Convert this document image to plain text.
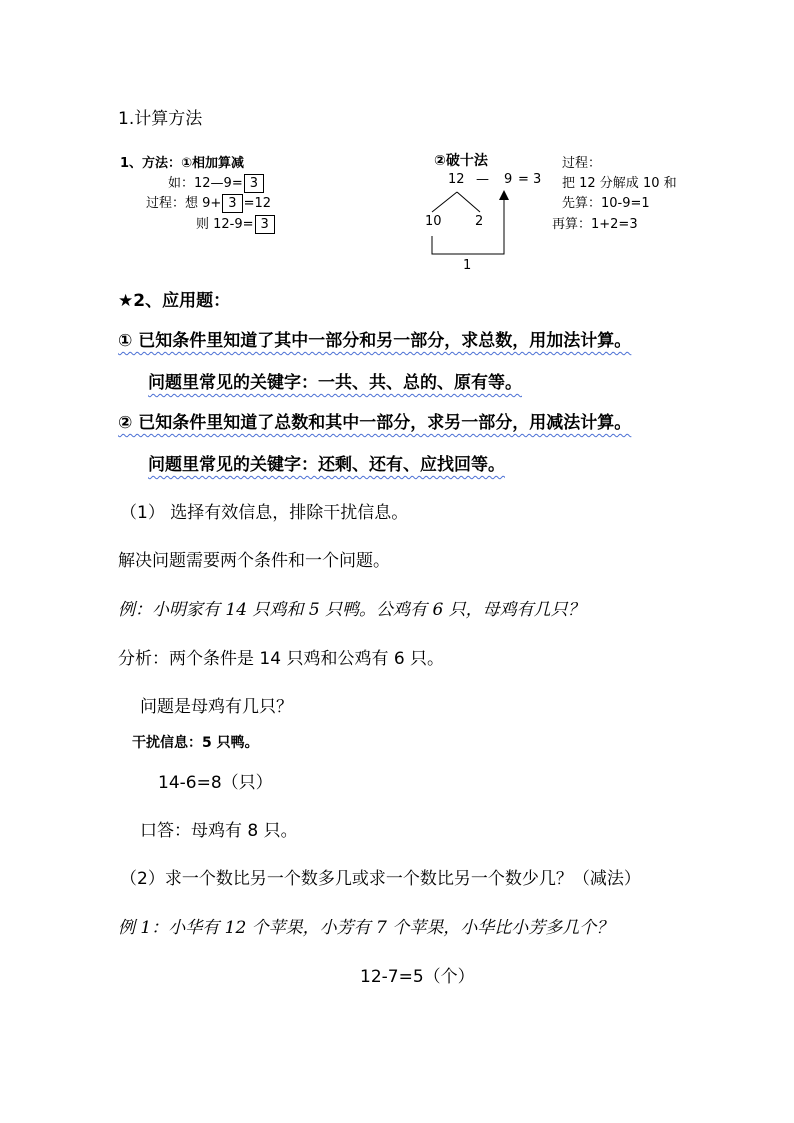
1.计算方法
1、方法：①相加算减
如：12—9= 3
过程：想 9+ 3 =12
则 12-9= 3
②破十法
12 — 9 = 3
10	2
1
过程：
把 12 分解成 10 和
先算：10-9=1
再算：1+2=3
★2、应用题：
① 已知条件里知道了其中一部分和另一部分，求总数，用加法计算。
问题里常见的关键字：一共、共、总的、原有等。
② 已知条件里知道了总数和其中一部分，求另一部分，用减法计算。
问题里常见的关键字：还剩、还有、应找回等。
（1） 选择有效信息，排除干扰信息。
解决问题需要两个条件和一个问题。
例：小明家有 14 只鸡和 5 只鸭。公鸡有 6 只，母鸡有几只？
分析：两个条件是 14 只鸡和公鸡有 6 只。
问题是母鸡有几只？
干扰信息：5 只鸭。
14-6=8（只）
口答：母鸡有 8 只。
（2）求一个数比另一个数多几或求一个数比另一个数少几？（减法）
例 1：小华有 12 个苹果，小芳有 7 个苹果，小华比小芳多几个？
12-7=5（个）
